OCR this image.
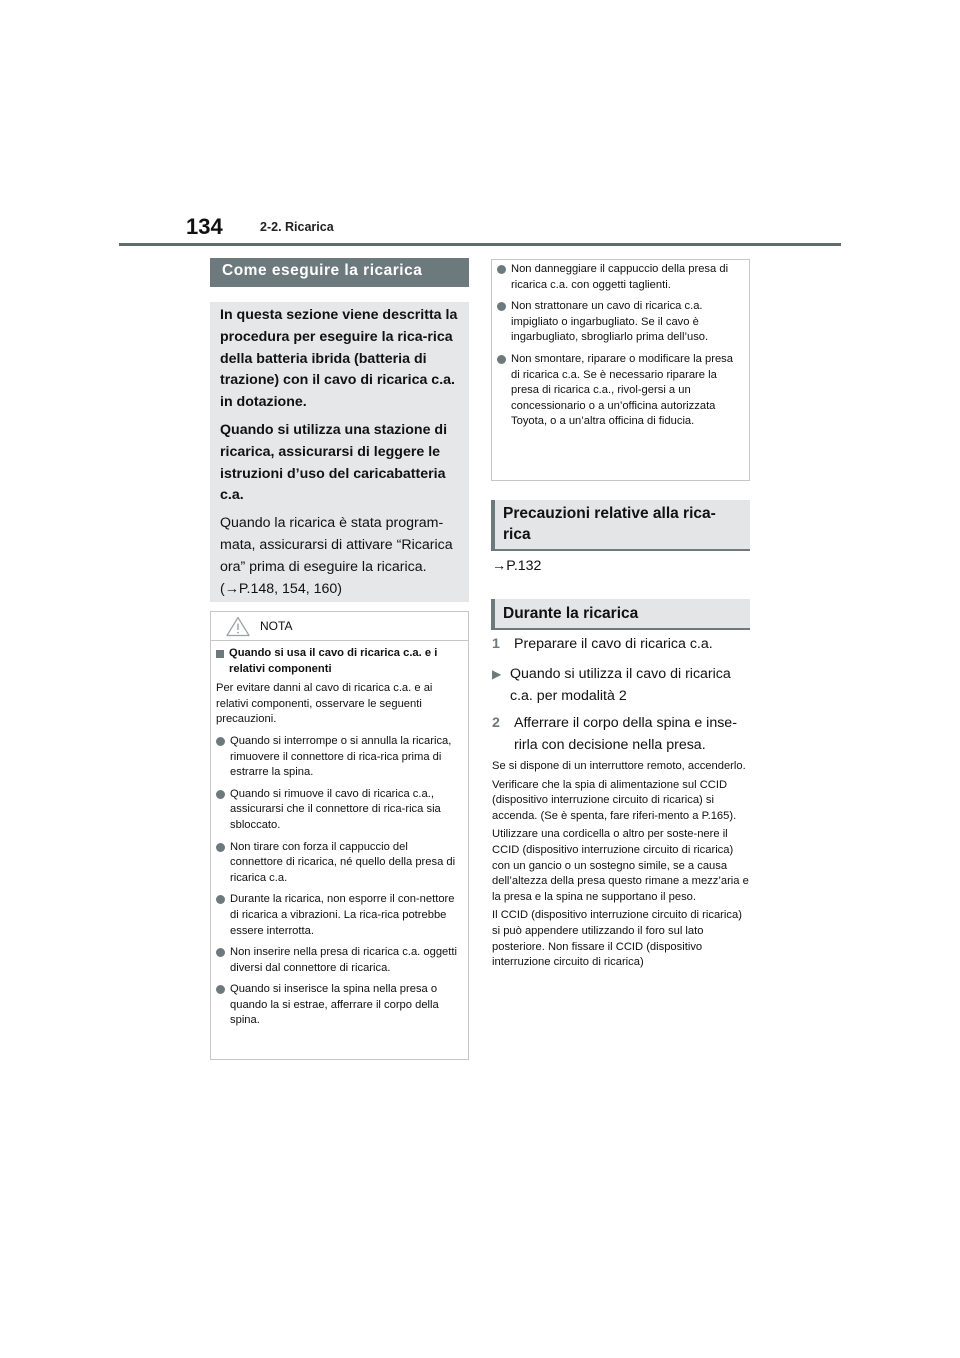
134	2-2. Ricarica
Come eseguire la ricarica

In questa sezione viene descritta la procedura per eseguire la rica-rica della batteria ibrida (batteria di trazione) con il cavo di ricarica c.a. in dotazione.

Quando si utilizza una stazione di ricarica, assicurarsi di leggere le istruzioni d’uso del caricabatteria c.a.

Quando la ricarica è stata program-mata, assicurarsi di attivare “Ricarica ora” prima di eseguire la ricarica. (→P.148, 154, 160)

NOTA
Quando si usa il cavo di ricarica c.a. e i relativi componenti
Per evitare danni al cavo di ricarica c.a. e ai relativi componenti, osservare le seguenti precauzioni.
Quando si interrompe o si annulla la ricarica, rimuovere il connettore di rica-rica prima di estrarre la spina.
Quando si rimuove il cavo di ricarica c.a., assicurarsi che il connettore di rica-rica sia sbloccato.
Non tirare con forza il cappuccio del connettore di ricarica, né quello della presa di ricarica c.a.
Durante la ricarica, non esporre il con-nettore di ricarica a vibrazioni. La rica-rica potrebbe essere interrotta.
Non inserire nella presa di ricarica c.a. oggetti diversi dal connettore di ricarica.
Quando si inserisce la spina nella presa o quando la si estrae, afferrare il corpo della spina.
Non danneggiare il cappuccio della presa di ricarica c.a. con oggetti taglienti.
Non strattonare un cavo di ricarica c.a. impigliato o ingarbugliato. Se il cavo è ingarbugliato, sbrogliarlo prima dell’uso.
Non smontare, riparare o modificare la presa di ricarica c.a. Se è necessario riparare la presa di ricarica c.a., rivol-gersi a un concessionario o a un’officina autorizzata Toyota, o a un’altra officina di fiducia.
Precauzioni relative alla rica-rica
→P.132
Durante la ricarica
1 Preparare il cavo di ricarica c.a.
▶ Quando si utilizza il cavo di ricarica c.a. per modalità 2
2 Afferrare il corpo della spina e inse-rirla con decisione nella presa.

Se si dispone di un interruttore remoto, accenderlo.

Verificare che la spia di alimentazione sul CCID (dispositivo interruzione circuito di ricarica) si accenda. (Se è spenta, fare riferi-mento a P.165).

Utilizzare una cordicella o altro per soste-nere il CCID (dispositivo interruzione circuito di ricarica) con un gancio o un sostegno simile, se a causa dell’altezza della presa questo rimane a mezz’aria e la presa e la spina ne supportano il peso.

Il CCID (dispositivo interruzione circuito di ricarica) si può appendere utilizzando il foro sul lato posteriore. Non fissare il CCID (dispositivo interruzione circuito di ricarica)
